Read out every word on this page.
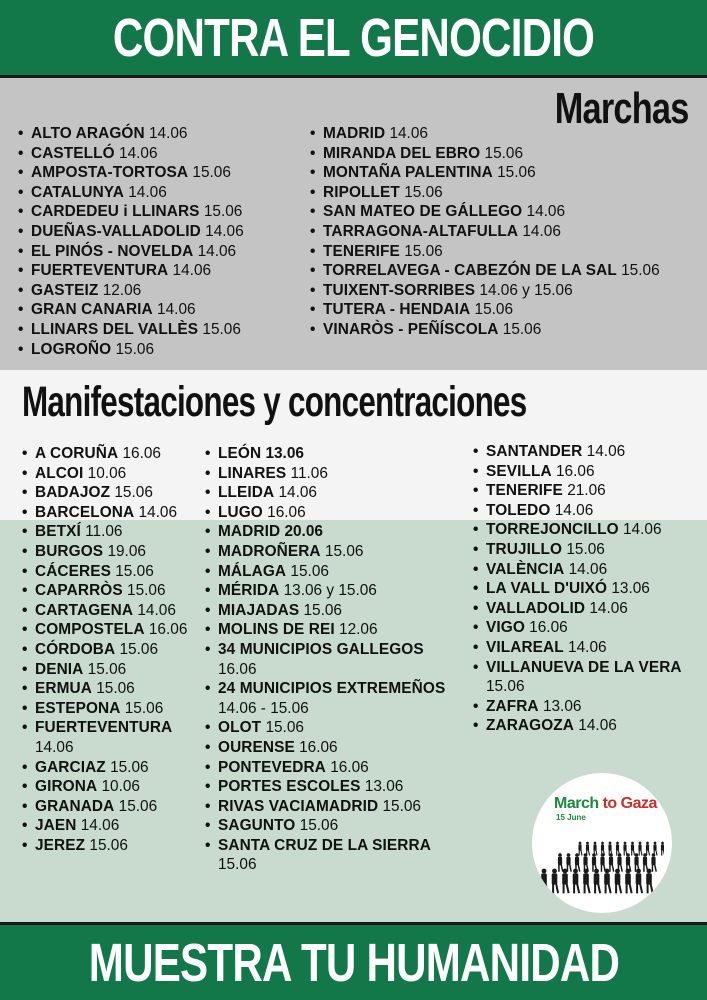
CONTRA EL GENOCIDIO
Marchas
• ALTO ARAGÓN 14.06
• CASTELLÓ 14.06
• AMPOSTA-TORTOSA 15.06
• CATALUNYA 14.06
• CARDEDEU i LLINARS 15.06
• DUEÑAS-VALLADOLID 14.06
• EL PINÓS - NOVELDA 14.06
• FUERTEVENTURA 14.06
• GASTEIZ 12.06
• GRAN CANARIA 14.06
• LLINARS DEL VALLÈS 15.06
• LOGROÑO 15.06
• MADRID 14.06
• MIRANDA DEL EBRO 15.06
• MONTAÑA PALENTINA 15.06
• RIPOLLET 15.06
• SAN MATEO DE GÁLLEGO 14.06
• TARRAGONA-ALTAFULLA 14.06
• TENERIFE 15.06
• TORRELAVEGA - CABEZÓN DE LA SAL 15.06
• TUIXENT-SORRIBES 14.06 y 15.06
• TUTERA - HENDAIA 15.06
• VINARÒS - PEÑÍSCOLA 15.06
Manifestaciones y concentraciones
• A CORUÑA 16.06
• ALCOI 10.06
• BADAJOZ 15.06
• BARCELONA 14.06
• BETXÍ 11.06
• BURGOS 19.06
• CÁCERES 15.06
• CAPARRÒS 15.06
• CARTAGENA 14.06
• COMPOSTELA 16.06
• CÓRDOBA 15.06
• DENIA 15.06
• ERMUA 15.06
• ESTEPONA 15.06
• FUERTEVENTURA
14.06
• GARCIAZ 15.06
• GIRONA 10.06
• GRANADA 15.06
• JAEN 14.06
• JEREZ 15.06
• LEÓN 13.06
• LINARES 11.06
• LLEIDA 14.06
• LUGO 16.06
• MADRID 20.06
• MADROÑERA 15.06
• MÁLAGA 15.06
• MÉRIDA 13.06 y 15.06
• MIAJADAS 15.06
• MOLINS DE REI 12.06
• 34 MUNICIPIOS GALLEGOS
16.06
• 24 MUNICIPIOS EXTREMEÑOS
14.06 - 15.06
• OLOT 15.06
• OURENSE 16.06
• PONTEVEDRA 16.06
• PORTES ESCOLES 13.06
• RIVAS VACIAMADRID 15.06
• SAGUNTO 15.06
• SANTA CRUZ DE LA SIERRA
15.06
• SANTANDER 14.06
• SEVILLA 16.06
• TENERIFE 21.06
• TOLEDO 14.06
• TORREJONCILLO 14.06
• TRUJILLO 15.06
• VALÈNCIA 14.06
• LA VALL D'UIXÓ 13.06
• VALLADOLID 14.06
• VIGO 16.06
• VILAREAL 14.06
• VILLANUEVA DE LA VERA
15.06
• ZAFRA 13.06
• ZARAGOZA 14.06
March to Gaza
15 June
MUESTRA TU HUMANIDAD
